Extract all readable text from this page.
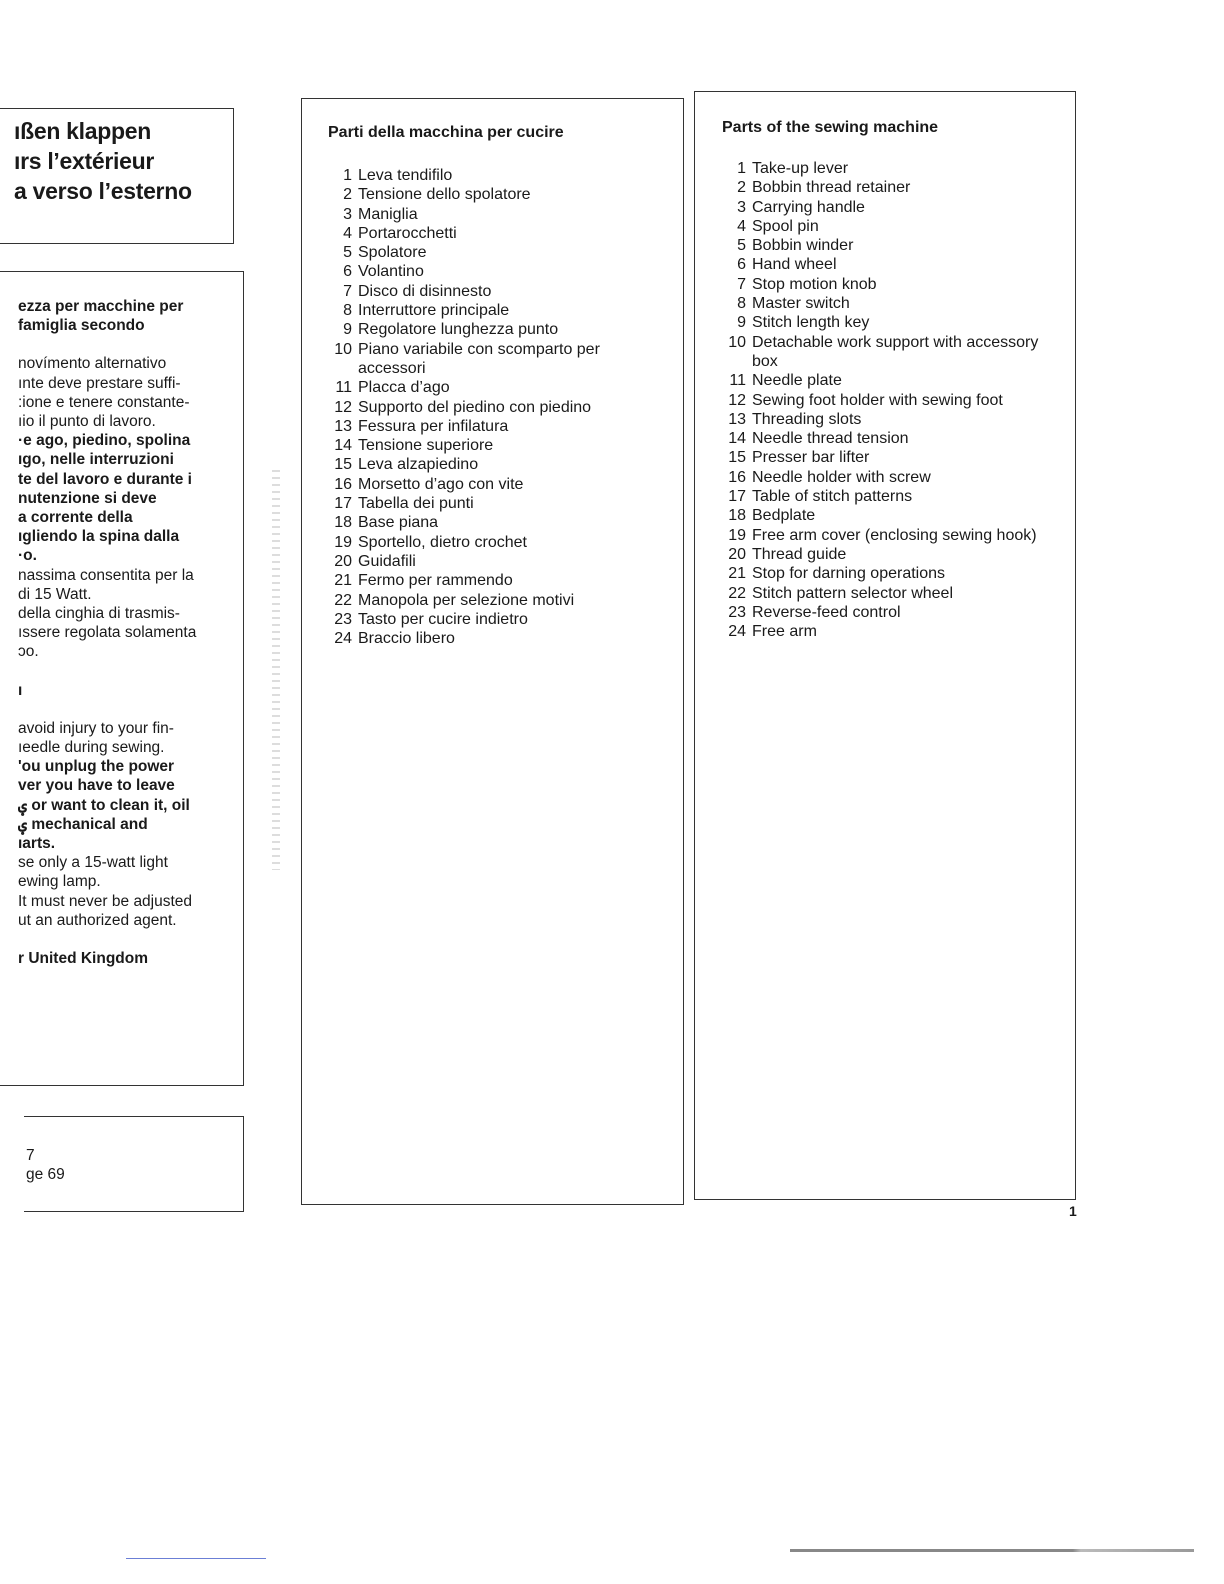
ıßen klappen
ırs l’extérieur
a verso l’esterno
ezza per macchine per
famiglia secondo
novímento alternativo
ınte deve prestare suffi-
:ione e tenere constante-
ıio il punto di lavoro.
·e ago, piedino, spolina
ıgo, nelle interruzioni
te del lavoro e durante i
nutenzione si deve
a corrente della
ıgliendo la spina dalla
·o.
nassima consentita per la
di 15 Watt.
della cinghia di trasmis-
ıssere regolata solamenta
ɔo.
ı
avoid injury to your fin-
ıeedle during sewing.
'ou unplug the power
ver you have to leave
ؠ or want to clean it, oil
ؠ mechanical and
ıarts.
se only a 15-watt light
ewing lamp.
It must never be adjusted
ut an authorized agent.
r United Kingdom
7
ge 69
Parti della macchina per cucire
1 Leva tendifilo
2 Tensione dello spolatore
3 Maniglia
4 Portarocchetti
5 Spolatore
6 Volantino
7 Disco di disinnesto
8 Interruttore principale
9 Regolatore lunghezza punto
10 Piano variabile con scomparto per accessori
11 Placca d’ago
12 Supporto del piedino con piedino
13 Fessura per infilatura
14 Tensione superiore
15 Leva alzapiedino
16 Morsetto d’ago con vite
17 Tabella dei punti
18 Base piana
19 Sportello, dietro crochet
20 Guidafili
21 Fermo per rammendo
22 Manopola per selezione motivi
23 Tasto per cucire indietro
24 Braccio libero
Parts of the sewing machine
1 Take-up lever
2 Bobbin thread retainer
3 Carrying handle
4 Spool pin
5 Bobbin winder
6 Hand wheel
7 Stop motion knob
8 Master switch
9 Stitch length key
10 Detachable work support with accessory box
11 Needle plate
12 Sewing foot holder with sewing foot
13 Threading slots
14 Needle thread tension
15 Presser bar lifter
16 Needle holder with screw
17 Table of stitch patterns
18 Bedplate
19 Free arm cover (enclosing sewing hook)
20 Thread guide
21 Stop for darning operations
22 Stitch pattern selector wheel
23 Reverse-feed control
24 Free arm
1
